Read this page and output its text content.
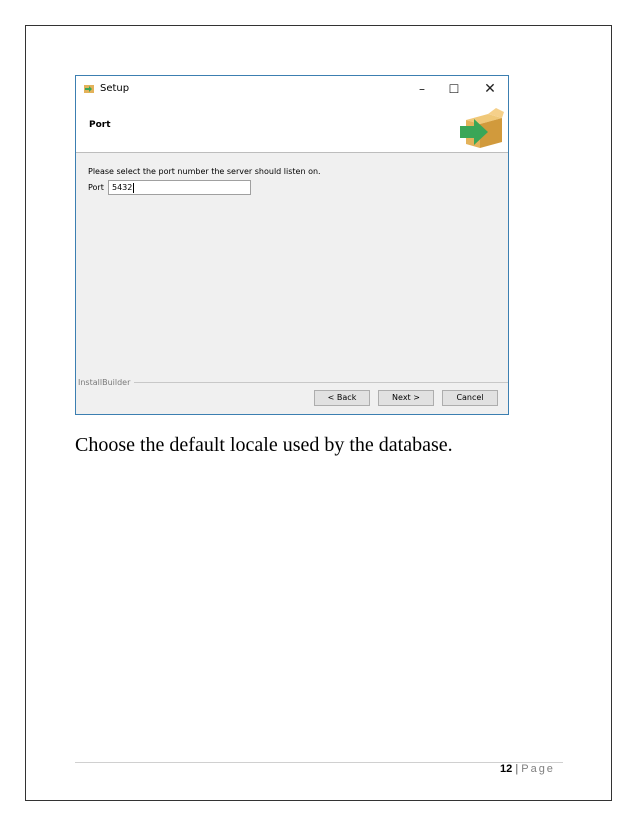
Setup	–	☐	✕
Port
Please select the port number the server should listen on.
Port	5432
InstallBuilder
< Back	Next >	Cancel
Choose the default locale used by the database.
12 | Page
